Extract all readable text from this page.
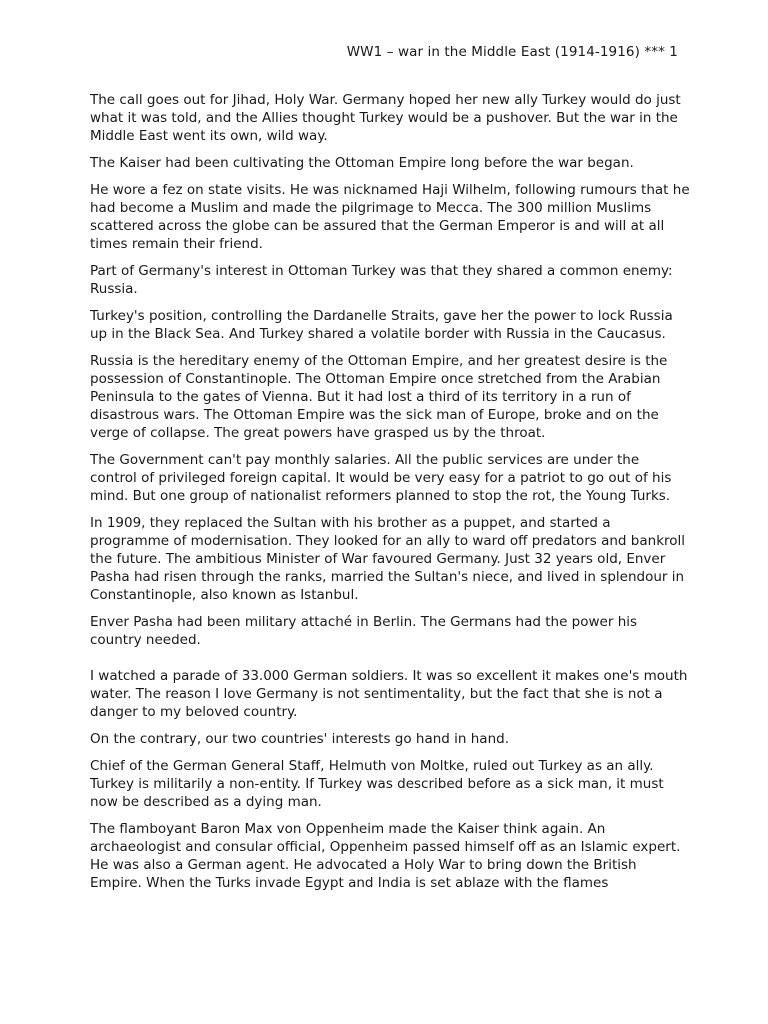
WW1 – war in the Middle East (1914-1916) *** 1

The call goes out for Jihad, Holy War. Germany hoped her new ally Turkey would do just what it was told, and the Allies thought Turkey would be a pushover. But the war in the Middle East went its own, wild way.

The Kaiser had been cultivating the Ottoman Empire long before the war began.

He wore a fez on state visits. He was nicknamed Haji Wilhelm, following rumours that he had become a Muslim and made the pilgrimage to Mecca. The 300 million Muslims scattered across the globe can be assured that the German Emperor is and will at all times remain their friend.

Part of Germany's interest in Ottoman Turkey was that they shared a common enemy: Russia.

Turkey's position, controlling the Dardanelle Straits, gave her the power to lock Russia up in the Black Sea. And Turkey shared a volatile border with Russia in the Caucasus.

Russia is the hereditary enemy of the Ottoman Empire, and her greatest desire is the possession of Constantinople. The Ottoman Empire once stretched from the Arabian Peninsula to the gates of Vienna. But it had lost a third of its territory in a run of disastrous wars. The Ottoman Empire was the sick man of Europe, broke and on the verge of collapse. The great powers have grasped us by the throat.

The Government can't pay monthly salaries. All the public services are under the control of privileged foreign capital. It would be very easy for a patriot to go out of his mind. But one group of nationalist reformers planned to stop the rot, the Young Turks.

In 1909, they replaced the Sultan with his brother as a puppet, and started a programme of modernisation. They looked for an ally to ward off predators and bankroll the future. The ambitious Minister of War favoured Germany. Just 32 years old, Enver Pasha had risen through the ranks, married the Sultan's niece, and lived in splendour in Constantinople, also known as Istanbul.

Enver Pasha had been military attaché in Berlin. The Germans had the power his country needed.

I watched a parade of 33.000 German soldiers. It was so excellent it makes one's mouth water. The reason I love Germany is not sentimentality, but the fact that she is not a danger to my beloved country.

On the contrary, our two countries' interests go hand in hand.

Chief of the German General Staff, Helmuth von Moltke, ruled out Turkey as an ally. Turkey is militarily a non-entity. If Turkey was described before as a sick man, it must now be described as a dying man.

The flamboyant Baron Max von Oppenheim made the Kaiser think again. An archaeologist and consular official, Oppenheim passed himself off as an Islamic expert. He was also a German agent. He advocated a Holy War to bring down the British Empire. When the Turks invade Egypt and India is set ablaze with the flames
